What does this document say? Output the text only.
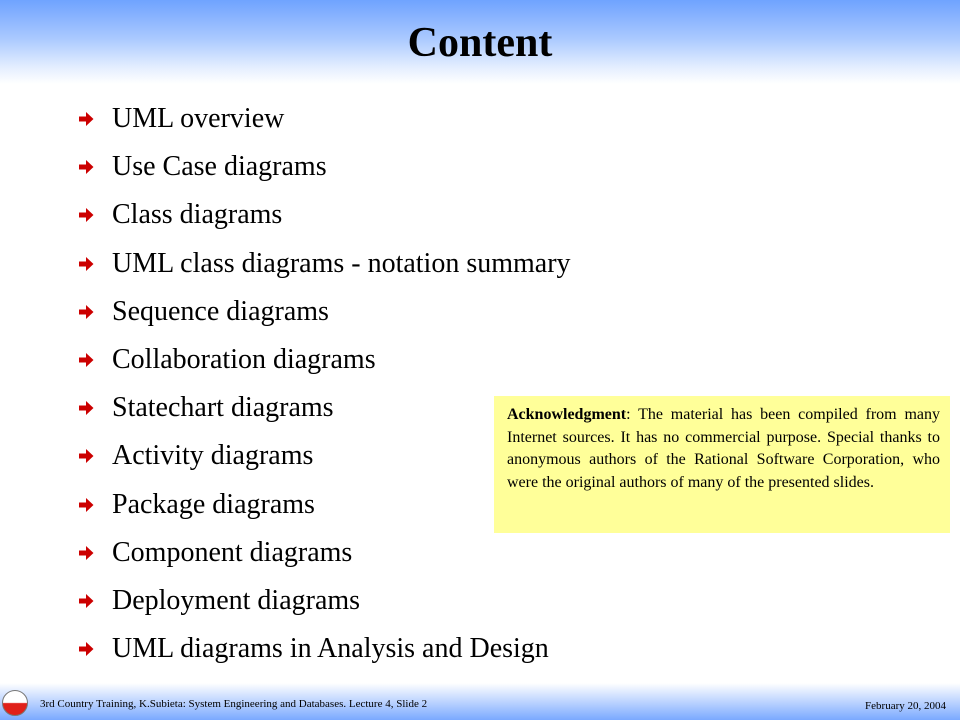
Content
UML overview
Use Case diagrams
Class diagrams
UML class diagrams - notation summary
Sequence diagrams
Collaboration diagrams
Statechart diagrams
Activity diagrams
Package diagrams
Component diagrams
Deployment diagrams
UML diagrams in Analysis and Design
Acknowledgment: The material has been compiled from many Internet sources. It has no commercial purpose. Special thanks to anonymous authors of the Rational Software Corporation, who were the original authors of many of the presented slides.
3rd Country Training, K.Subieta: System Engineering and Databases. Lecture 4, Slide 2	February 20, 2004
